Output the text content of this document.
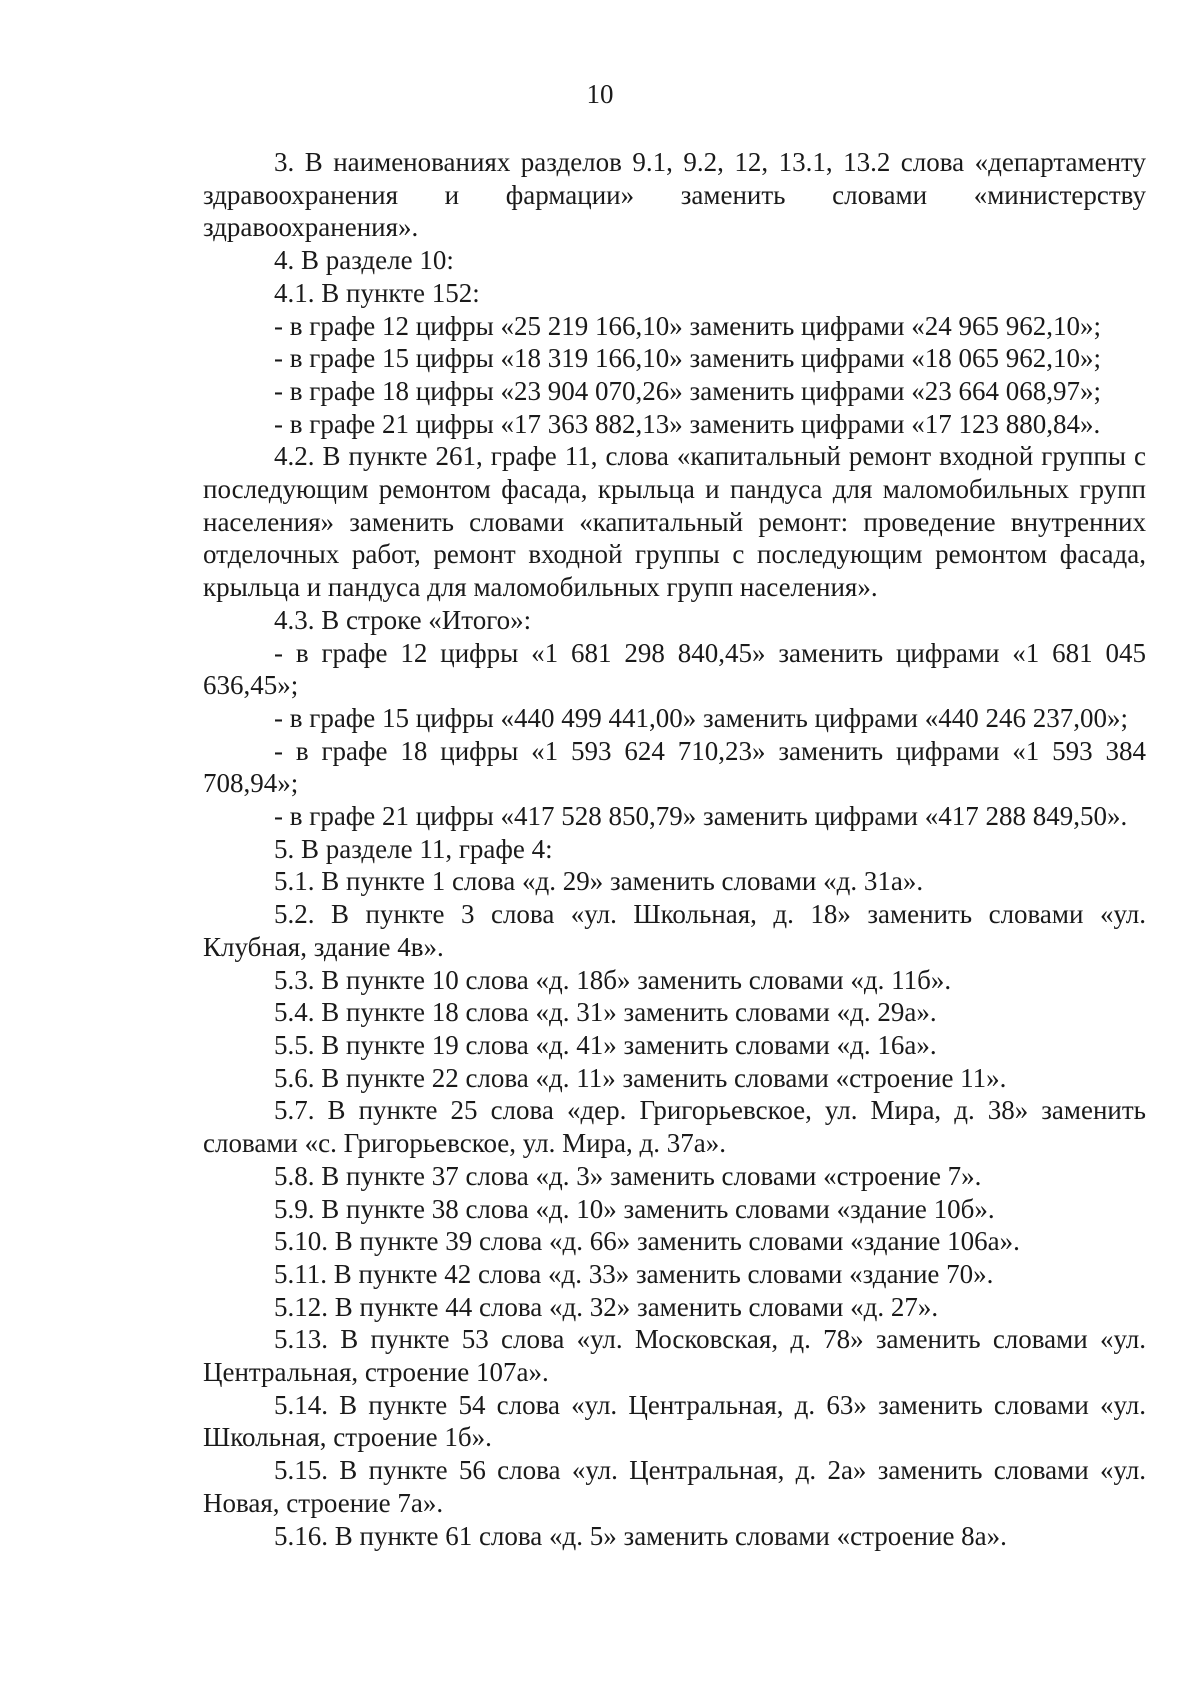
10

3. В наименованиях разделов 9.1, 9.2, 12, 13.1, 13.2 слова «департаменту здравоохранения и фармации» заменить словами «министерству здравоохранения».

4. В разделе 10:

4.1. В пункте 152:

- в графе 12 цифры «25 219 166,10» заменить цифрами «24 965 962,10»;

- в графе 15 цифры «18 319 166,10» заменить цифрами «18 065 962,10»;

- в графе 18 цифры «23 904 070,26» заменить цифрами «23 664 068,97»;

- в графе 21 цифры «17 363 882,13» заменить цифрами «17 123 880,84».

4.2. В пункте 261, графе 11, слова «капитальный ремонт входной группы с последующим ремонтом фасада, крыльца и пандуса для маломобильных групп населения» заменить словами «капитальный ремонт: проведение внутренних отделочных работ, ремонт входной группы с последующим ремонтом фасада, крыльца и пандуса для маломобильных групп населения».

4.3. В строке «Итого»:

- в графе 12 цифры «1 681 298 840,45» заменить цифрами «1 681 045 636,45»;

- в графе 15 цифры «440 499 441,00» заменить цифрами «440 246 237,00»;

- в графе 18 цифры «1 593 624 710,23» заменить цифрами «1 593 384 708,94»;

- в графе 21 цифры «417 528 850,79» заменить цифрами «417 288 849,50».

5. В разделе 11, графе 4:

5.1. В пункте 1 слова «д. 29» заменить словами «д. 31а».

5.2. В пункте 3 слова «ул. Школьная, д. 18» заменить словами «ул. Клубная, здание 4в».

5.3. В пункте 10 слова «д. 18б» заменить словами «д. 11б».

5.4. В пункте 18 слова «д. 31» заменить словами «д. 29а».

5.5. В пункте 19 слова «д. 41» заменить словами «д. 16а».

5.6. В пункте 22 слова «д. 11» заменить словами «строение 11».

5.7. В пункте 25 слова «дер. Григорьевское, ул. Мира, д. 38» заменить словами «с. Григорьевское, ул. Мира, д. 37а».

5.8. В пункте 37 слова «д. 3» заменить словами «строение 7».

5.9. В пункте 38 слова «д. 10» заменить словами «здание 10б».

5.10. В пункте 39 слова «д. 66» заменить словами «здание 106а».

5.11. В пункте 42 слова «д. 33» заменить словами «здание 70».

5.12. В пункте 44 слова «д. 32» заменить словами «д. 27».

5.13. В пункте 53 слова «ул. Московская, д. 78» заменить словами «ул. Центральная, строение 107а».

5.14. В пункте 54 слова «ул. Центральная, д. 63» заменить словами «ул. Школьная, строение 1б».

5.15. В пункте 56 слова «ул. Центральная, д. 2а» заменить словами «ул. Новая, строение 7а».

5.16. В пункте 61 слова «д. 5» заменить словами «строение 8а».
